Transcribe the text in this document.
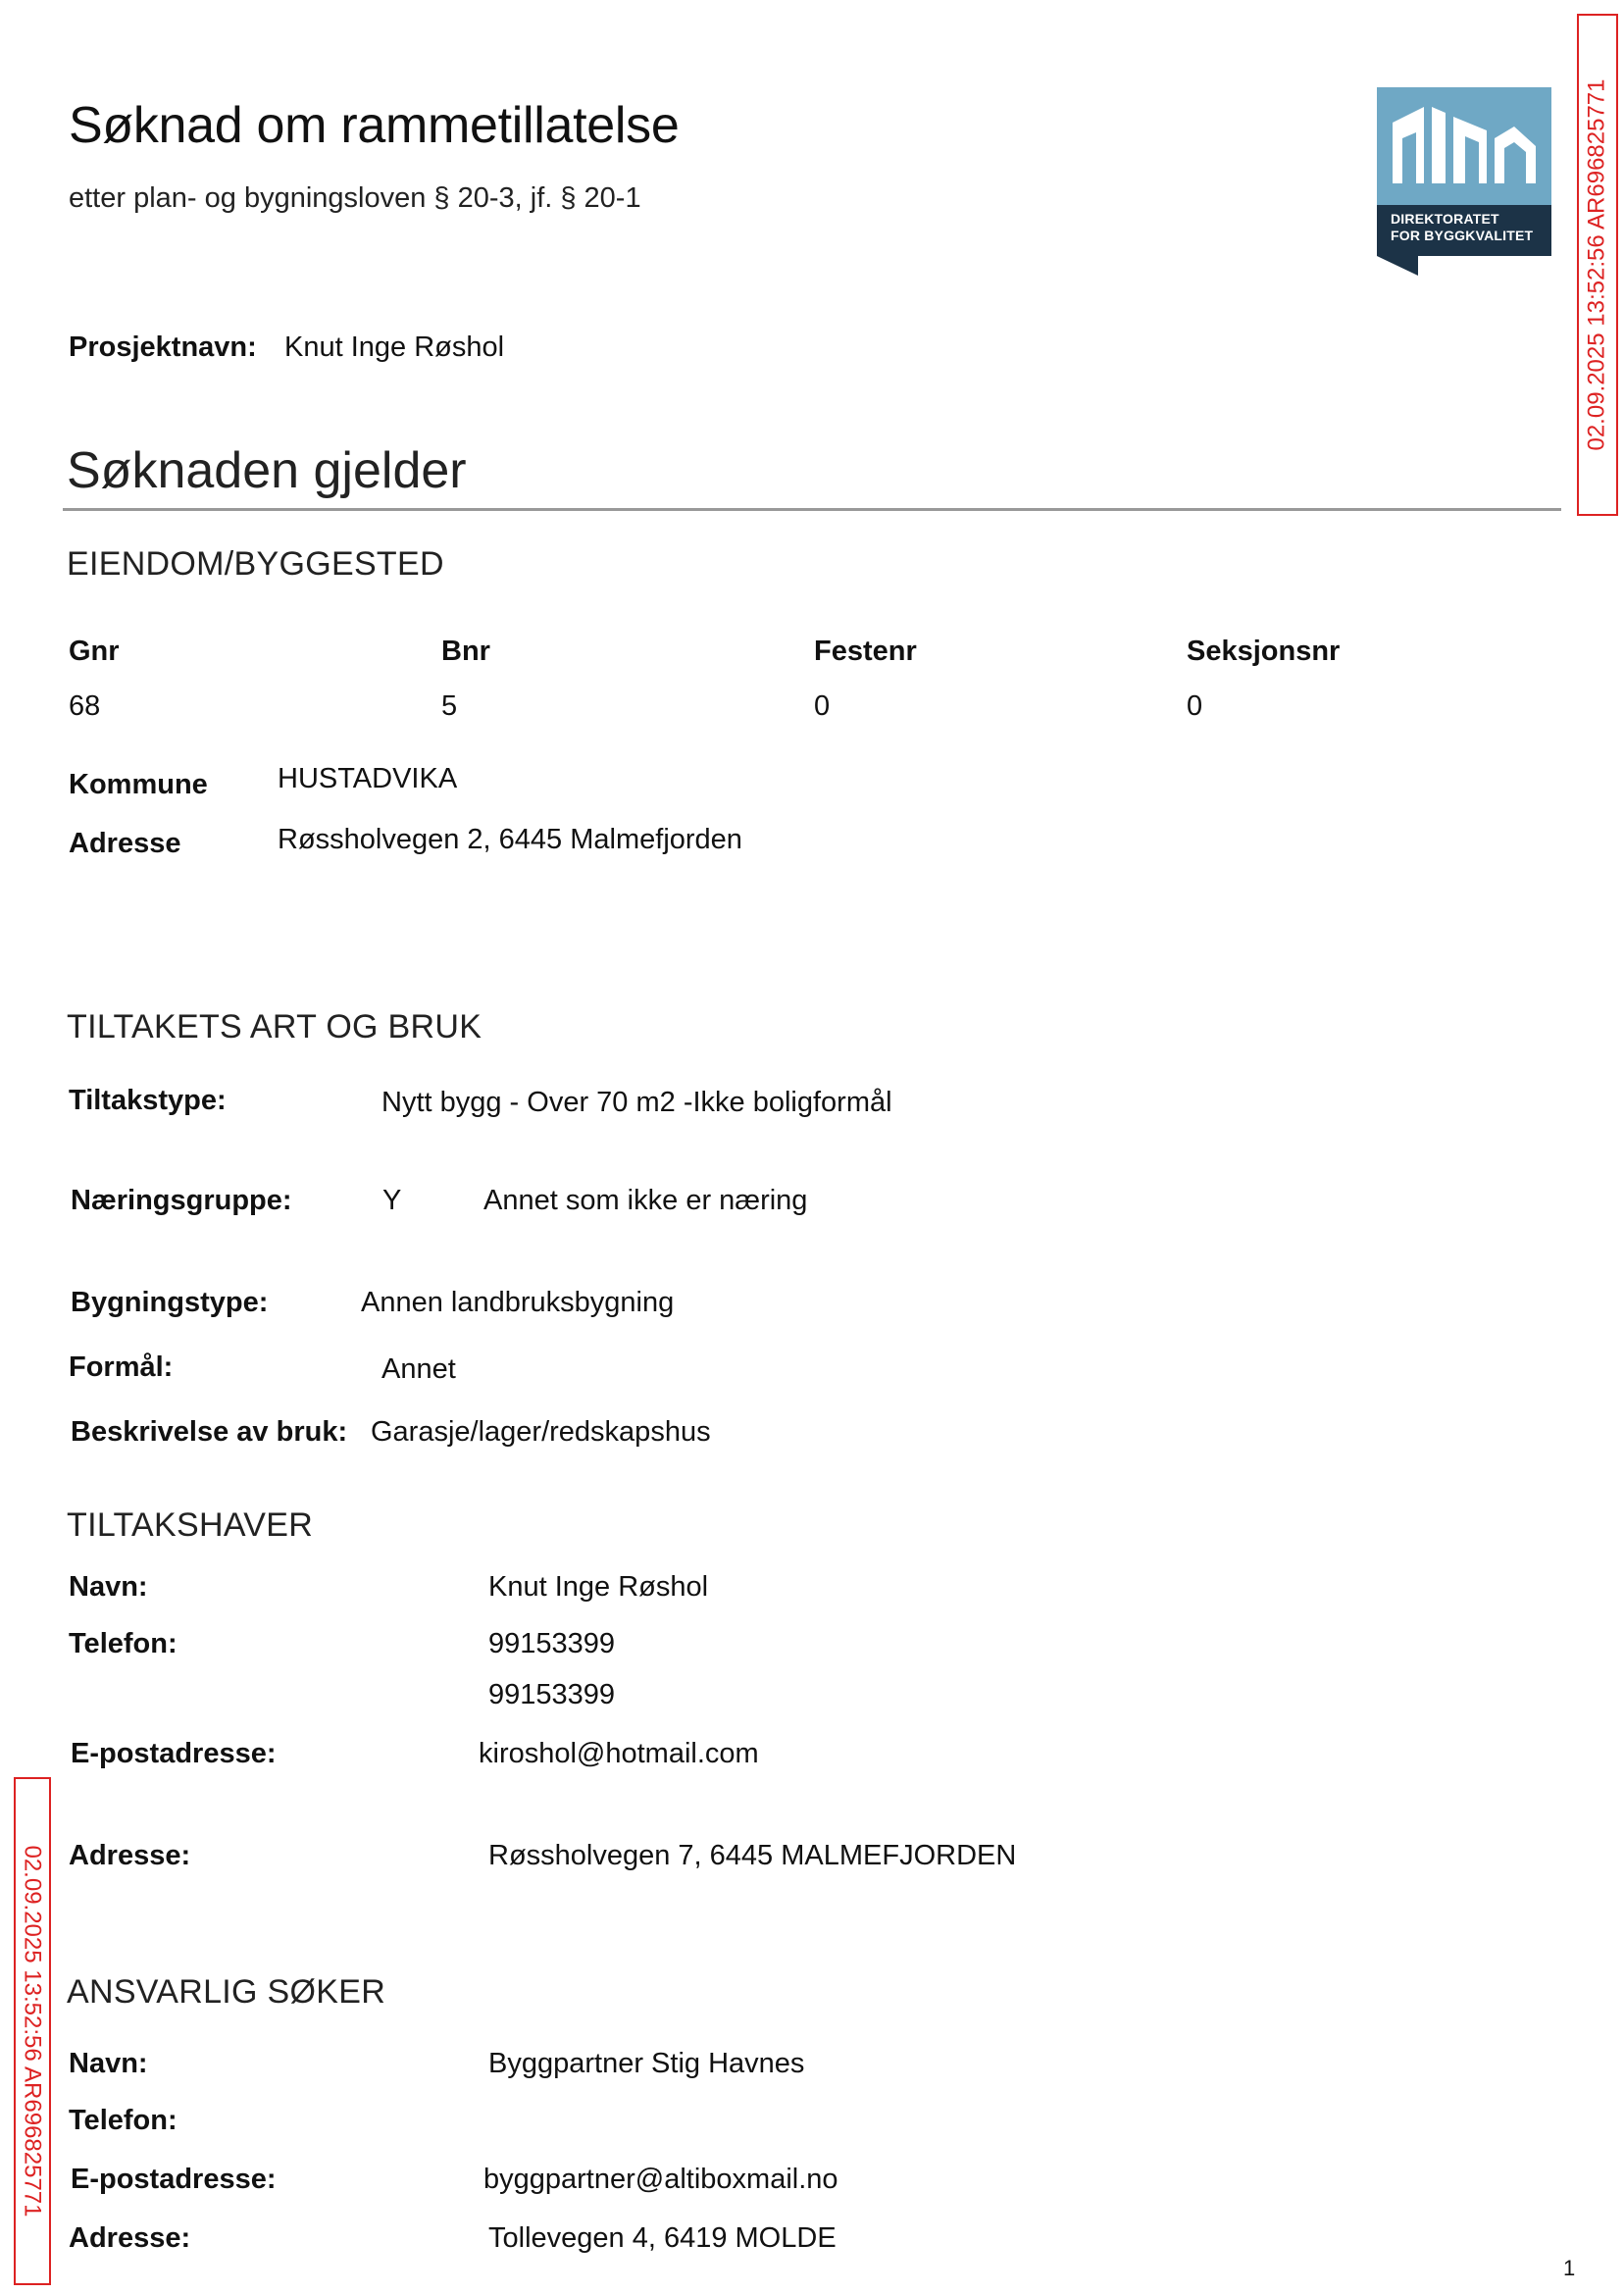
Søknad om rammetillatelse
etter plan- og bygningsloven § 20-3, jf. § 20-1
DIREKTORATET
FOR BYGGKVALITET 02.09.2025 13:52:56 AR696825771
02.09.2025 13:52:56 AR696825771
Prosjektnavn: Knut Inge Røshol
Søknaden gjelder
EIENDOM/BYGGESTED
Gnr	Bnr	Festenr	Seksjonsnr
68	5	0	0
Kommune HUSTADVIKA
Adresse	Røssholvegen 2, 6445 Malmefjorden
TILTAKETS ART OG BRUK
Tiltakstype:	Nytt bygg - Over 70 m2 -Ikke boligformål
Næringsgruppe:	Y	Annet som ikke er næring
Bygningstype:	Annen landbruksbygning
Formål:	Annet
Beskrivelse av bruk: Garasje/lager/redskapshus
TILTAKSHAVER
Navn:	Knut Inge Røshol
Telefon:	99153399
99153399
E-postadresse:	kiroshol@hotmail.com
Adresse:	Røssholvegen 7, 6445 MALMEFJORDEN
ANSVARLIG SØKER
Navn:	Byggpartner Stig Havnes
Telefon:
E-postadresse:	byggpartner@altiboxmail.no
Adresse:	Tollevegen 4, 6419 MOLDE
1
